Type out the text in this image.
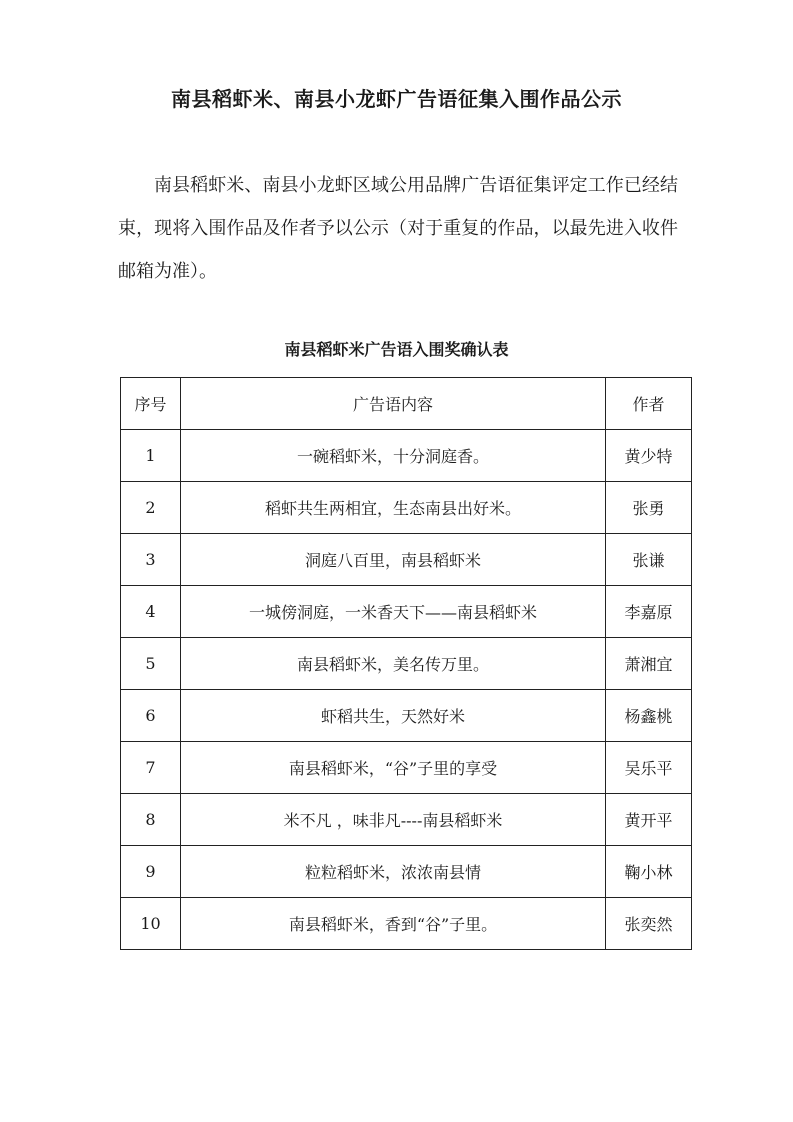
南县稻虾米、南县小龙虾广告语征集入围作品公示

南县稻虾米、南县小龙虾区域公用品牌广告语征集评定工作已经结束，现将入围作品及作者予以公示（对于重复的作品，以最先进入收件邮箱为准）。

南县稻虾米广告语入围奖确认表
序号	广告语内容	作者
1	一碗稻虾米，十分洞庭香。	黄少特
2	稻虾共生两相宜，生态南县出好米。	张勇
3	洞庭八百里，南县稻虾米	张谦
4	一城傍洞庭，一米香天下——南县稻虾米	李嘉原
5	南县稻虾米，美名传万里。	萧湘宜
6	虾稻共生，天然好米	杨鑫桃
7	南县稻虾米，“谷”子里的享受	吴乐平
8	米不凡 ，味非凡----南县稻虾米	黄开平
9	粒粒稻虾米，浓浓南县情	鞠小林
10	南县稻虾米，香到“谷”子里。	张奕然
